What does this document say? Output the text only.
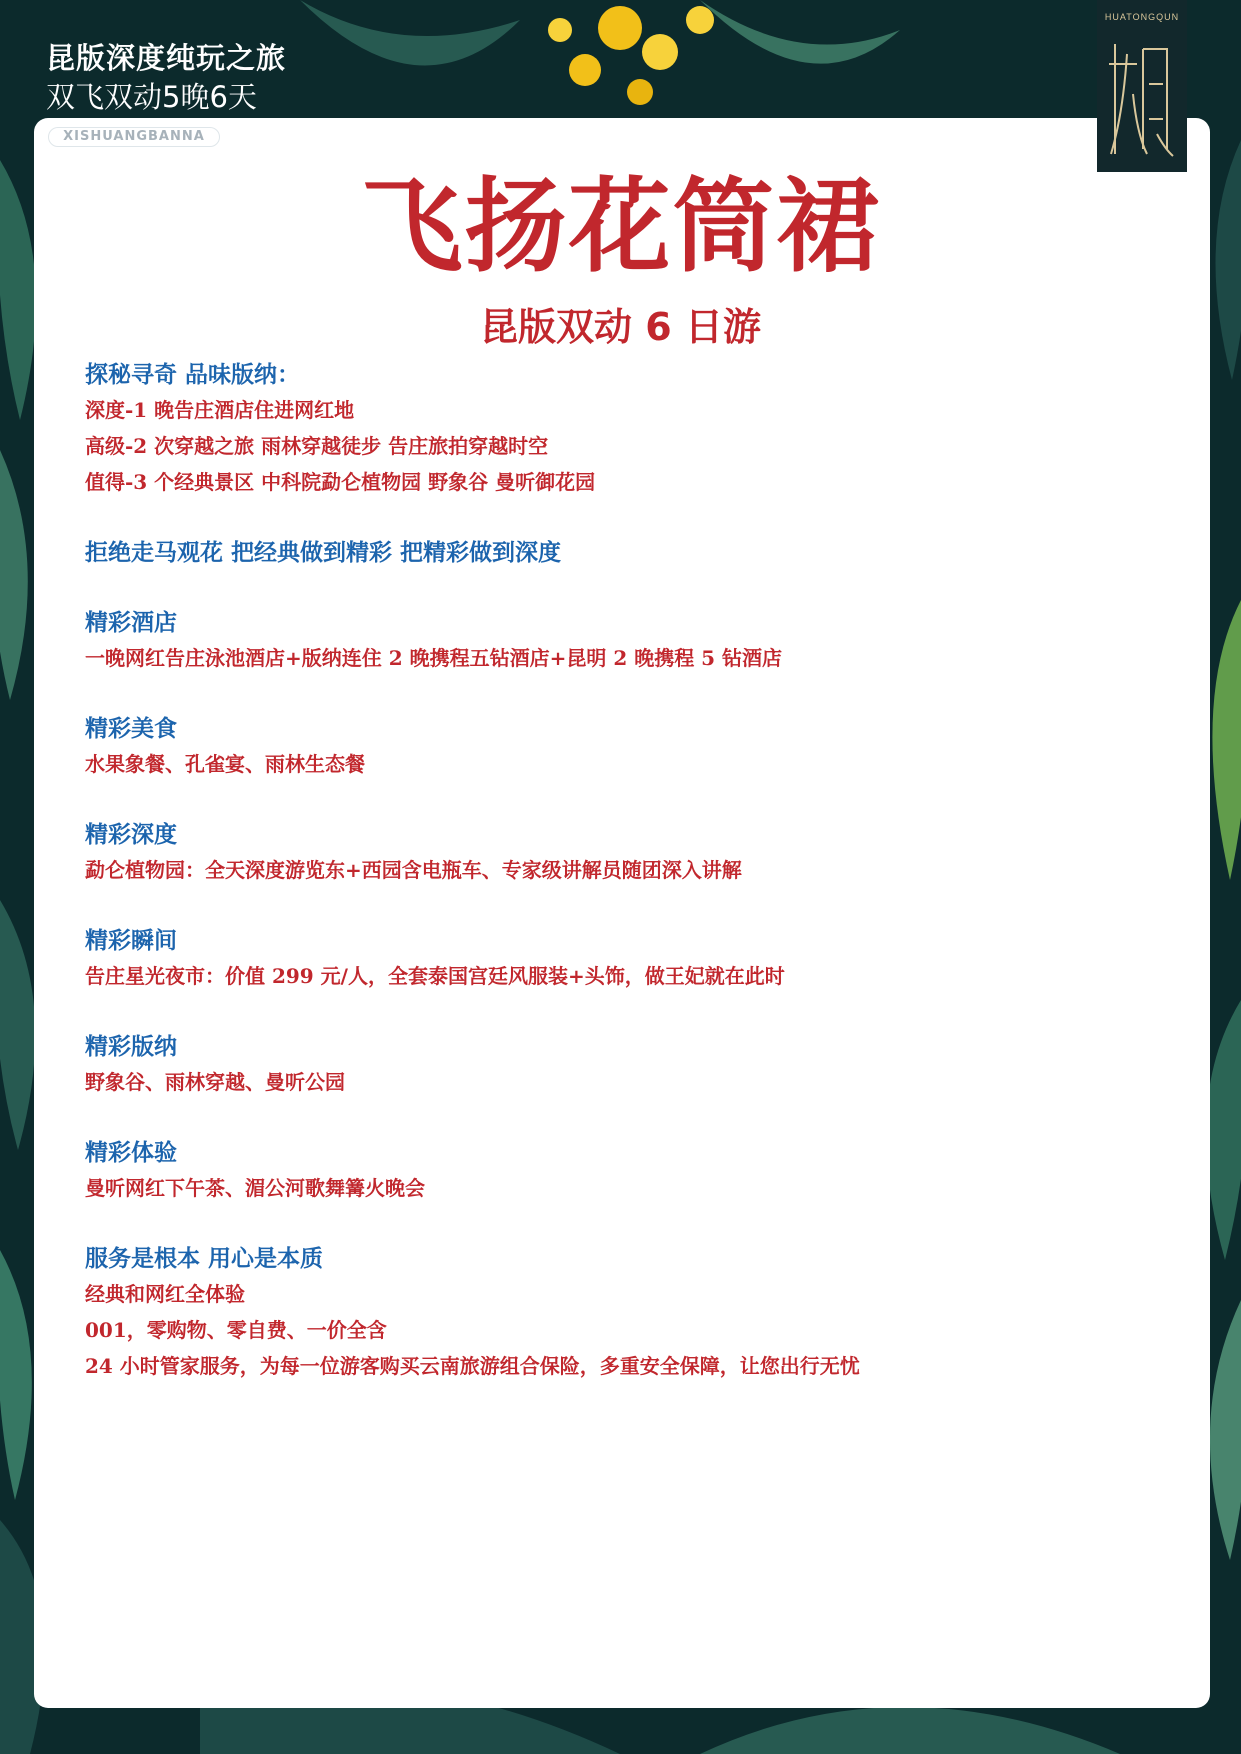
昆版深度纯玩之旅
双飞双动5晚6天
XISHUANGBANNA
HUATONGQUN
飞扬花筒裙
昆版双动 6 日游
探秘寻奇 品味版纳：
深度-1 晚告庄酒店住进网红地
高级-2 次穿越之旅 雨林穿越徒步 告庄旅拍穿越时空
值得-3 个经典景区 中科院勐仑植物园 野象谷 曼听御花园
拒绝走马观花 把经典做到精彩 把精彩做到深度
精彩酒店
一晚网红告庄泳池酒店+版纳连住 2 晚携程五钻酒店+昆明 2 晚携程 5 钻酒店
精彩美食
水果象餐、孔雀宴、雨林生态餐
精彩深度
勐仑植物园：全天深度游览东+西园含电瓶车、专家级讲解员随团深入讲解
精彩瞬间
告庄星光夜市：价值 299 元/人，全套泰国宫廷风服装+头饰，做王妃就在此时
精彩版纳
野象谷、雨林穿越、曼听公园
精彩体验
曼听网红下午茶、湄公河歌舞篝火晚会
服务是根本 用心是本质
经典和网红全体验
001，零购物、零自费、一价全含
24 小时管家服务，为每一位游客购买云南旅游组合保险，多重安全保障，让您出行无忧
